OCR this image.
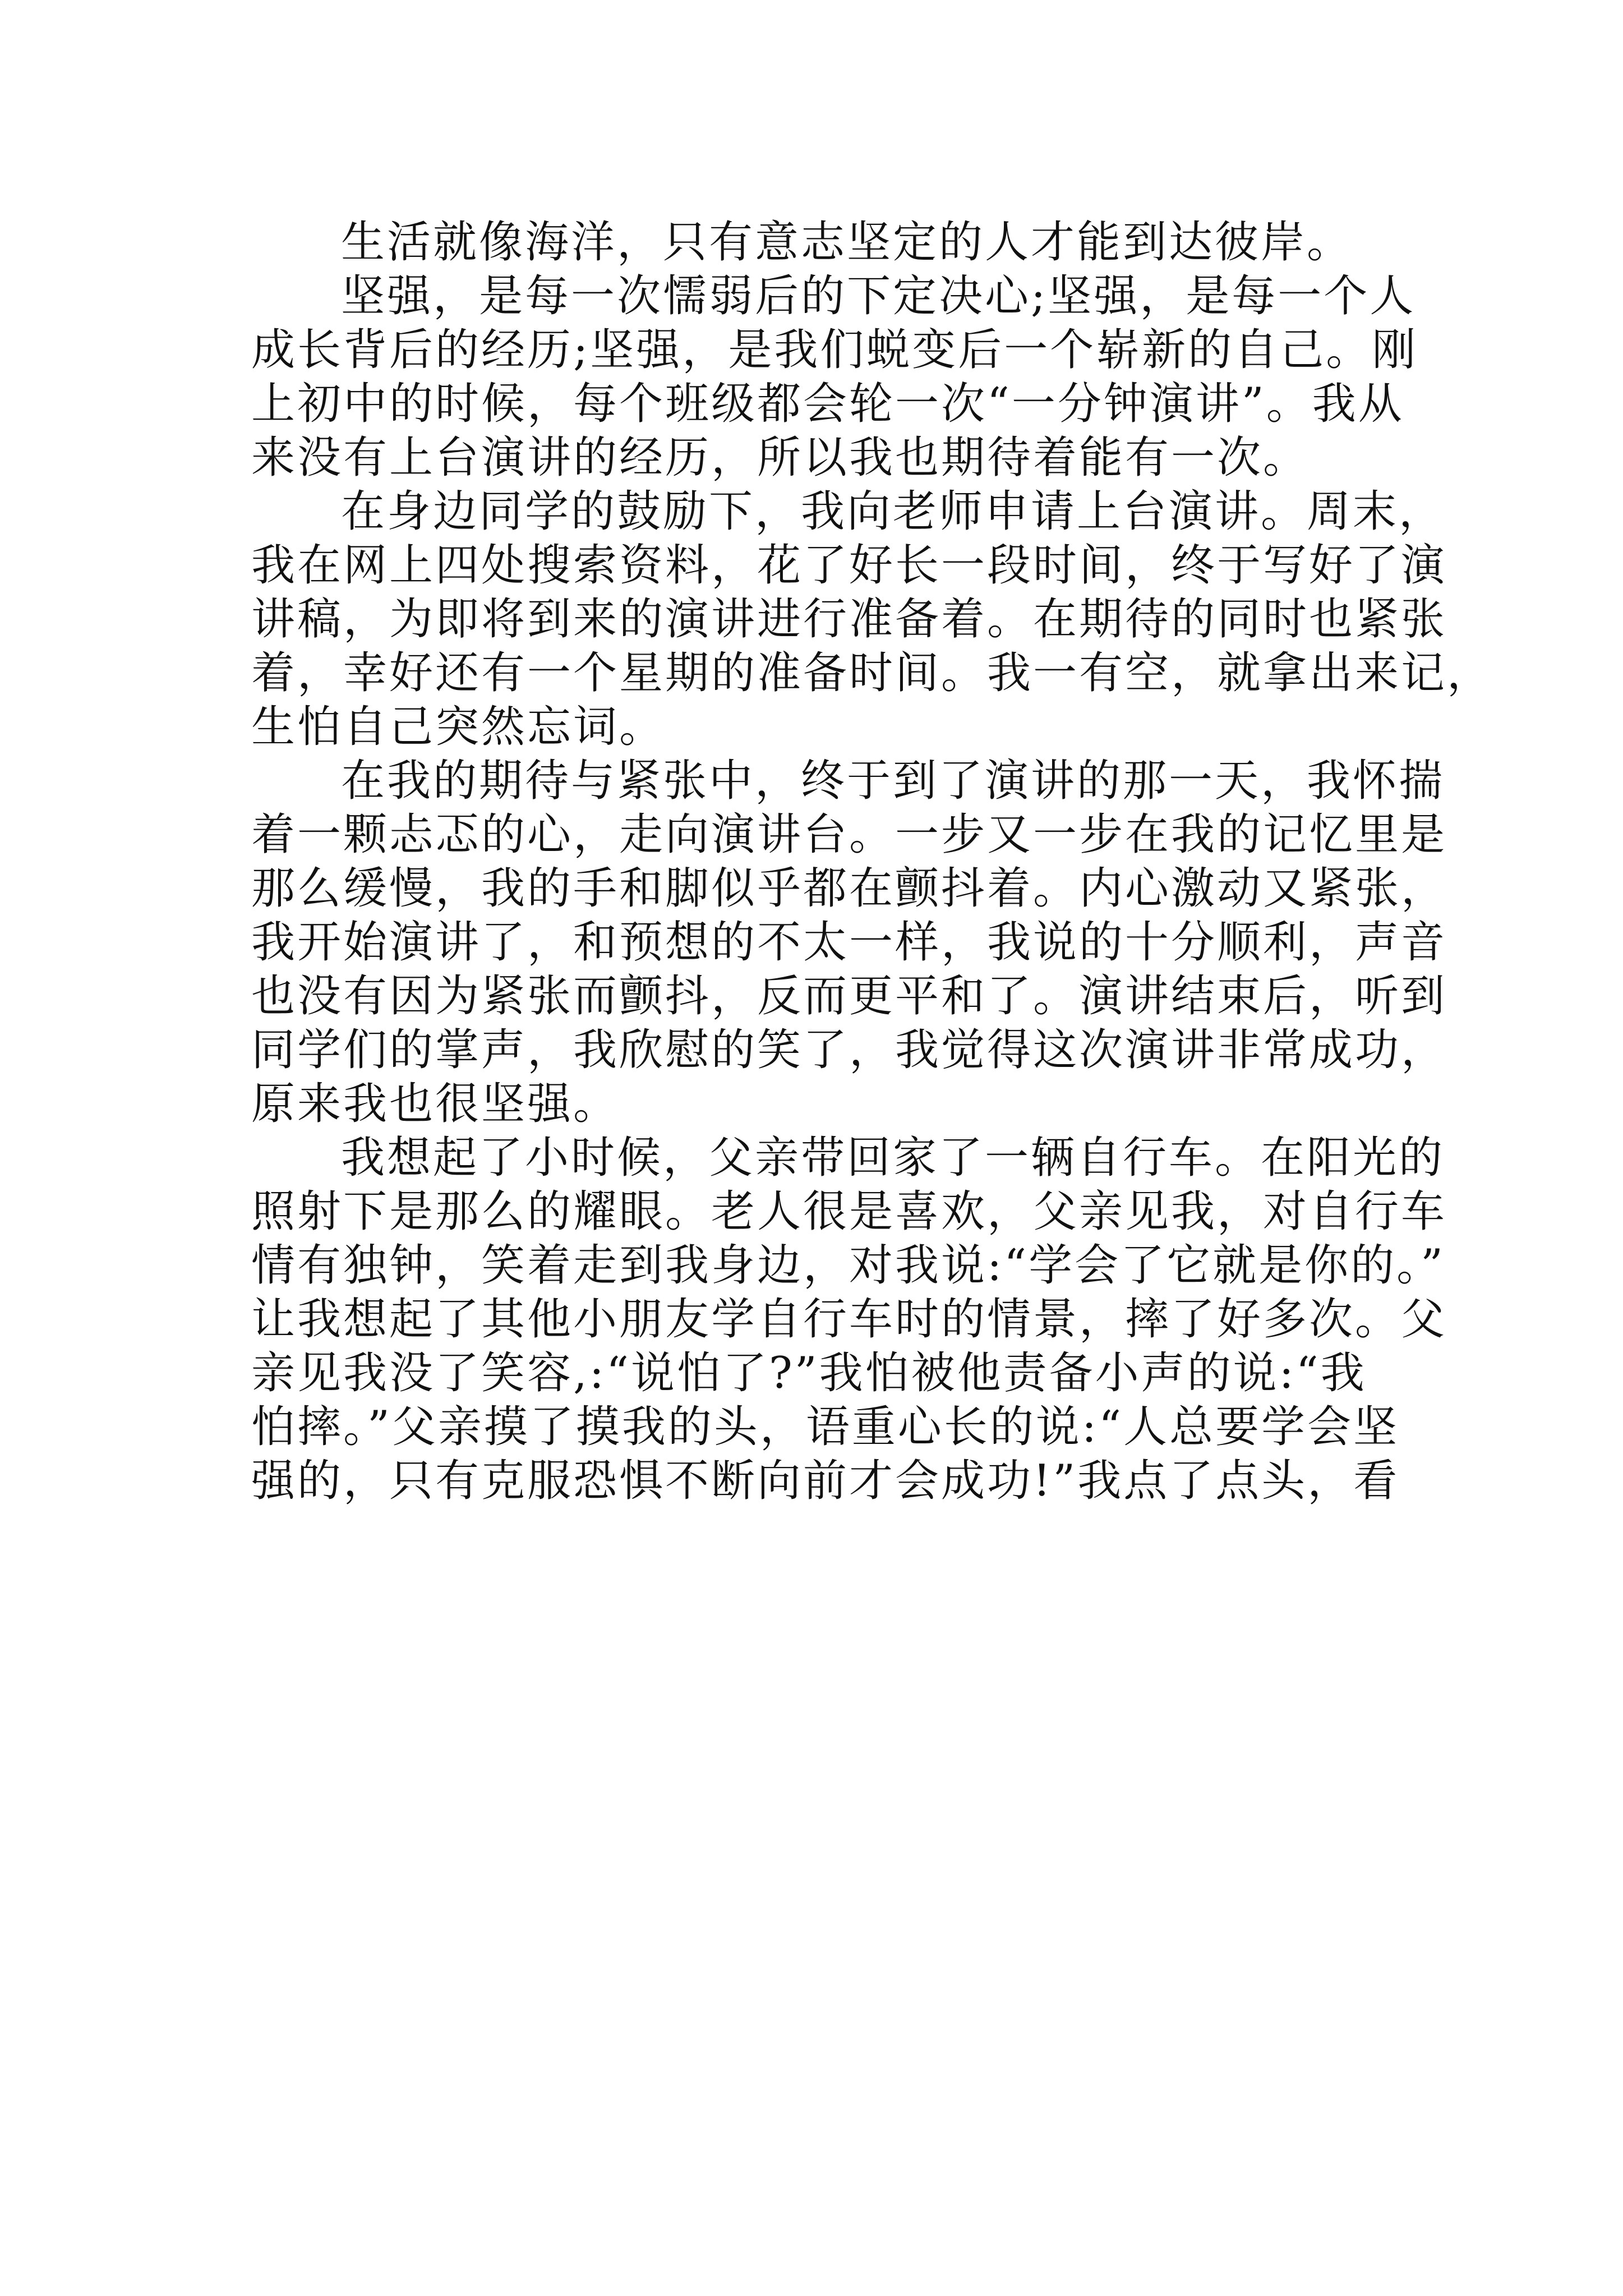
生活就像海洋，只有意志坚定的人才能到达彼岸。
坚强，是每一次懦弱后的下定决心;坚强，是每一个人
成长背后的经历;坚强，是我们蜕变后一个崭新的自己。刚
上初中的时候，每个班级都会轮一次“一分钟演讲”。我从
来没有上台演讲的经历，所以我也期待着能有一次。
在身边同学的鼓励下，我向老师申请上台演讲。周末，
我在网上四处搜索资料，花了好长一段时间，终于写好了演
讲稿，为即将到来的演讲进行准备着。在期待的同时也紧张
着，幸好还有一个星期的准备时间。我一有空，就拿出来记，
生怕自己突然忘词。
在我的期待与紧张中，终于到了演讲的那一天，我怀揣
着一颗忐忑的心，走向演讲台。一步又一步在我的记忆里是
那么缓慢，我的手和脚似乎都在颤抖着。内心激动又紧张，
我开始演讲了，和预想的不太一样，我说的十分顺利，声音
也没有因为紧张而颤抖，反而更平和了。演讲结束后，听到
同学们的掌声，我欣慰的笑了，我觉得这次演讲非常成功，
原来我也很坚强。
我想起了小时候，父亲带回家了一辆自行车。在阳光的
照射下是那么的耀眼。老人很是喜欢，父亲见我，对自行车
情有独钟，笑着走到我身边，对我说:“学会了它就是你的。”
让我想起了其他小朋友学自行车时的情景，摔了好多次。父
亲见我没了笑容,:“说怕了?”我怕被他责备小声的说:“我
怕摔。”父亲摸了摸我的头，语重心长的说:“人总要学会坚
强的，只有克服恐惧不断向前才会成功!”我点了点头，看
